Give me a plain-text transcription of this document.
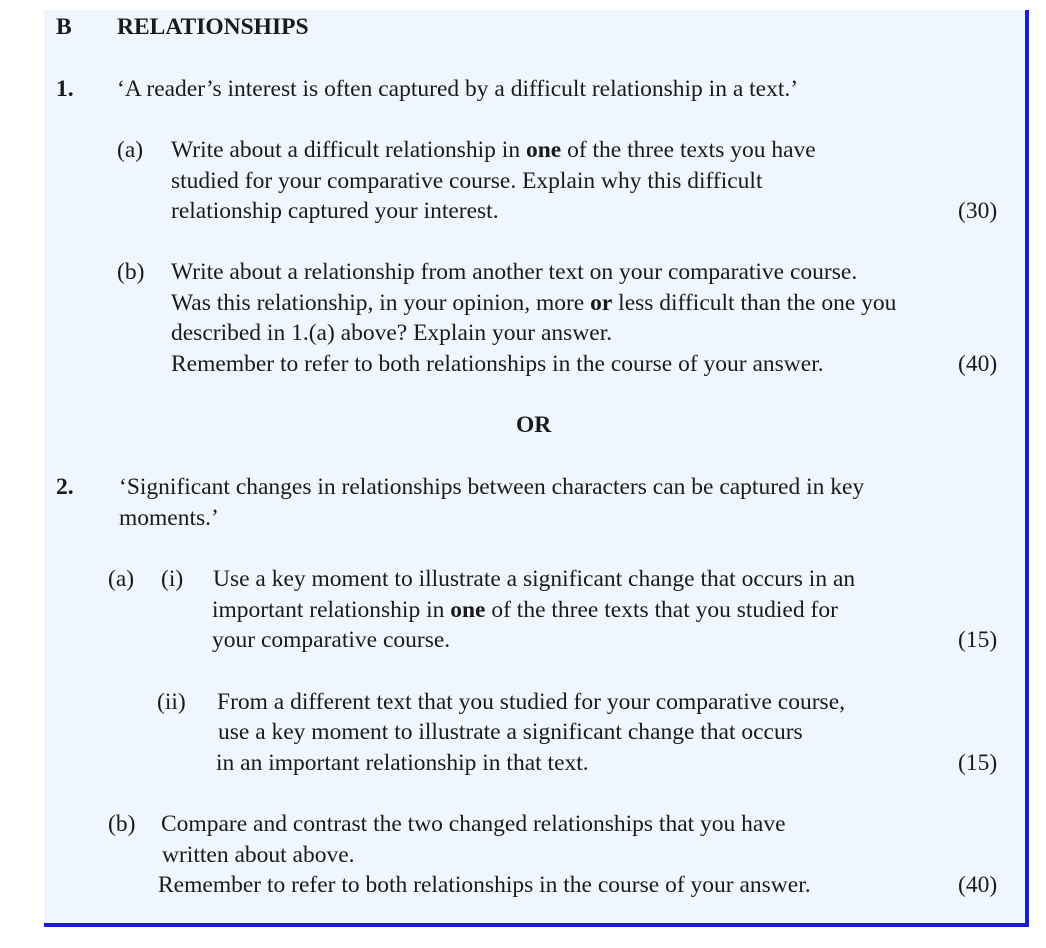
B RELATIONSHIPS
1. ‘A reader’s interest is often captured by a difficult relationship in a text.’
(a) Write about a difficult relationship in one of the three texts you have
studied for your comparative course. Explain why this difficult
relationship captured your interest.	(30)
(b) Write about a relationship from another text on your comparative course.
Was this relationship, in your opinion, more or less difficult than the one you
described in 1.(a) above? Explain your answer.
Remember to refer to both relationships in the course of your answer.	(40)
OR
2. ‘Significant changes in relationships between characters can be captured in key
moments.’
(a) (i) Use a key moment to illustrate a significant change that occurs in an
important relationship in one of the three texts that you studied for
your comparative course.	(15)
(ii) From a different text that you studied for your comparative course,
use a key moment to illustrate a significant change that occurs
in an important relationship in that text.	(15)
(b) Compare and contrast the two changed relationships that you have
written about above.
Remember to refer to both relationships in the course of your answer.	(40)
